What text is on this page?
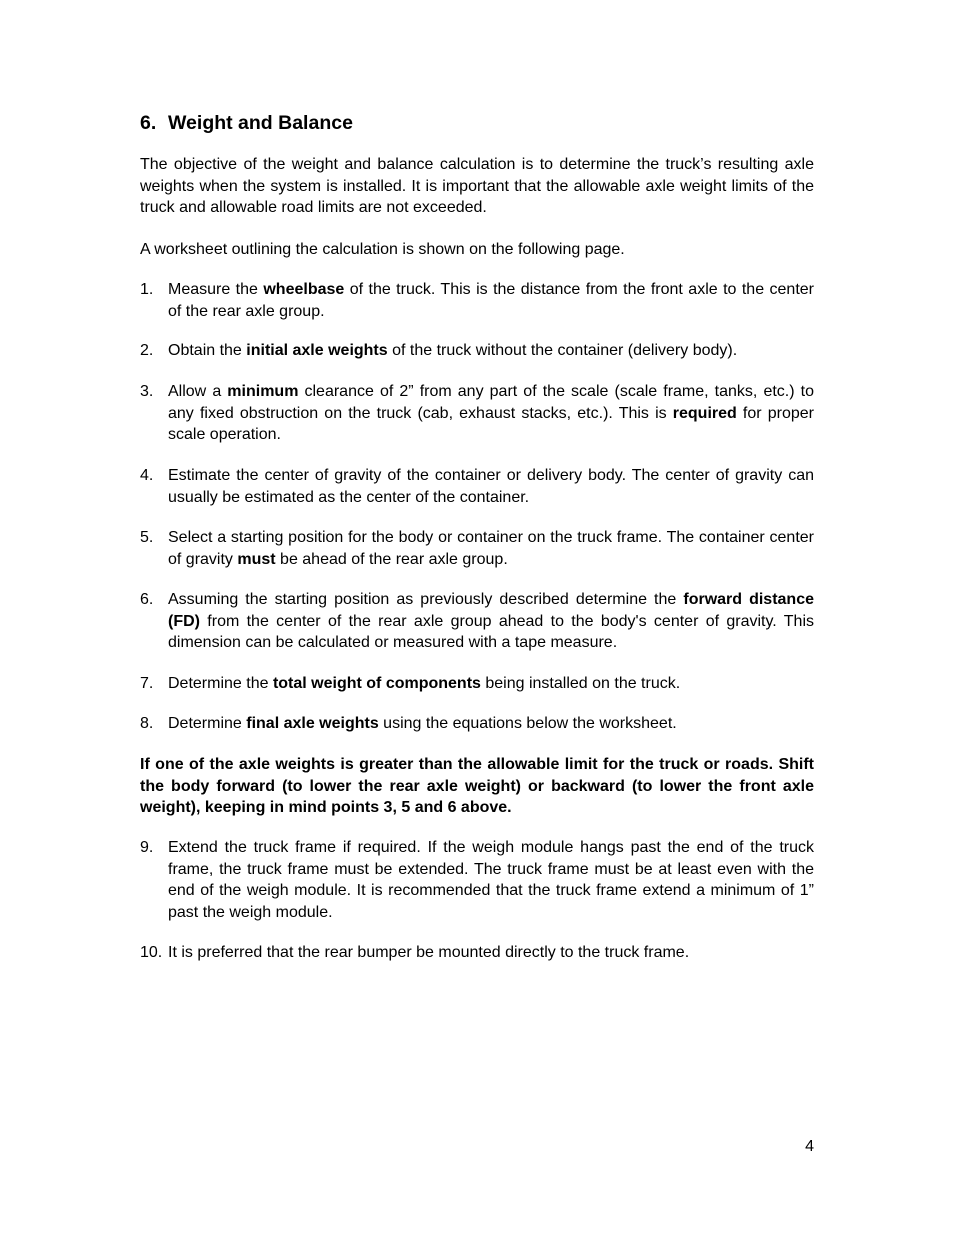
6. Weight and Balance

The objective of the weight and balance calculation is to determine the truck’s resulting axle weights when the system is installed. It is important that the allowable axle weight limits of the truck and allowable road limits are not exceeded.

A worksheet outlining the calculation is shown on the following page.

1. Measure the wheelbase of the truck. This is the distance from the front axle to the center of the rear axle group.

2. Obtain the initial axle weights of the truck without the container (delivery body).

3. Allow a minimum clearance of 2” from any part of the scale (scale frame, tanks, etc.) to any fixed obstruction on the truck (cab, exhaust stacks, etc.). This is required for proper scale operation.

4. Estimate the center of gravity of the container or delivery body. The center of gravity can usually be estimated as the center of the container.

5. Select a starting position for the body or container on the truck frame. The container center of gravity must be ahead of the rear axle group.

6. Assuming the starting position as previously described determine the forward distance (FD) from the center of the rear axle group ahead to the body's center of gravity. This dimension can be calculated or measured with a tape measure.

7. Determine the total weight of components being installed on the truck.

8. Determine final axle weights using the equations below the worksheet.

If one of the axle weights is greater than the allowable limit for the truck or roads. Shift the body forward (to lower the rear axle weight) or backward (to lower the front axle weight), keeping in mind points 3, 5 and 6 above.

9. Extend the truck frame if required. If the weigh module hangs past the end of the truck frame, the truck frame must be extended. The truck frame must be at least even with the end of the weigh module. It is recommended that the truck frame extend a minimum of 1” past the weigh module.

10. It is preferred that the rear bumper be mounted directly to the truck frame.

4
